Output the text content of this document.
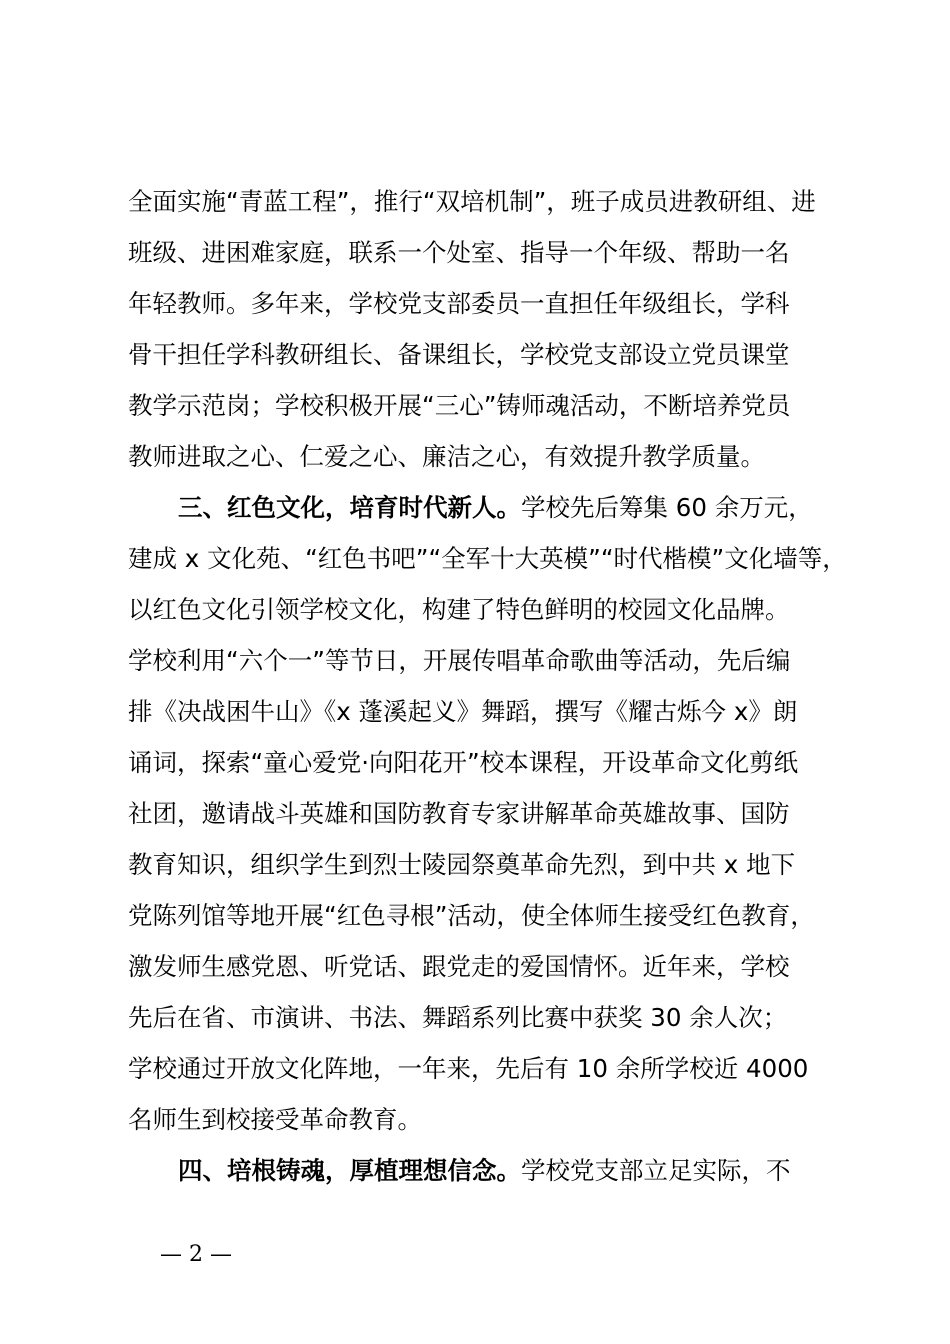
全面实施“青蓝工程”，推行“双培机制”，班子成员进教研组、进
班级、进困难家庭，联系一个处室、指导一个年级、帮助一名
年轻教师。多年来，学校党支部委员一直担任年级组长，学科
骨干担任学科教研组长、备课组长，学校党支部设立党员课堂
教学示范岗；学校积极开展“三心”铸师魂活动，不断培养党员
教师进取之心、仁爱之心、廉洁之心，有效提升教学质量。
三、红色文化，培育时代新人。学校先后筹集 60 余万元，
建成 x 文化苑、“红色书吧”“全军十大英模”“时代楷模”文化墙等，
以红色文化引领学校文化，构建了特色鲜明的校园文化品牌。
学校利用“六个一”等节日，开展传唱革命歌曲等活动，先后编
排《决战困牛山》《x 蓬溪起义》舞蹈，撰写《耀古烁今 x》朗
诵词，探索“童心爱党·向阳花开”校本课程，开设革命文化剪纸
社团，邀请战斗英雄和国防教育专家讲解革命英雄故事、国防
教育知识，组织学生到烈士陵园祭奠革命先烈，到中共 x 地下
党陈列馆等地开展“红色寻根”活动，使全体师生接受红色教育，
激发师生感党恩、听党话、跟党走的爱国情怀。近年来，学校
先后在省、市演讲、书法、舞蹈系列比赛中获奖 30 余人次；
学校通过开放文化阵地，一年来，先后有 10 余所学校近 4000
名师生到校接受革命教育。
四、培根铸魂，厚植理想信念。学校党支部立足实际，不
— 2 —
